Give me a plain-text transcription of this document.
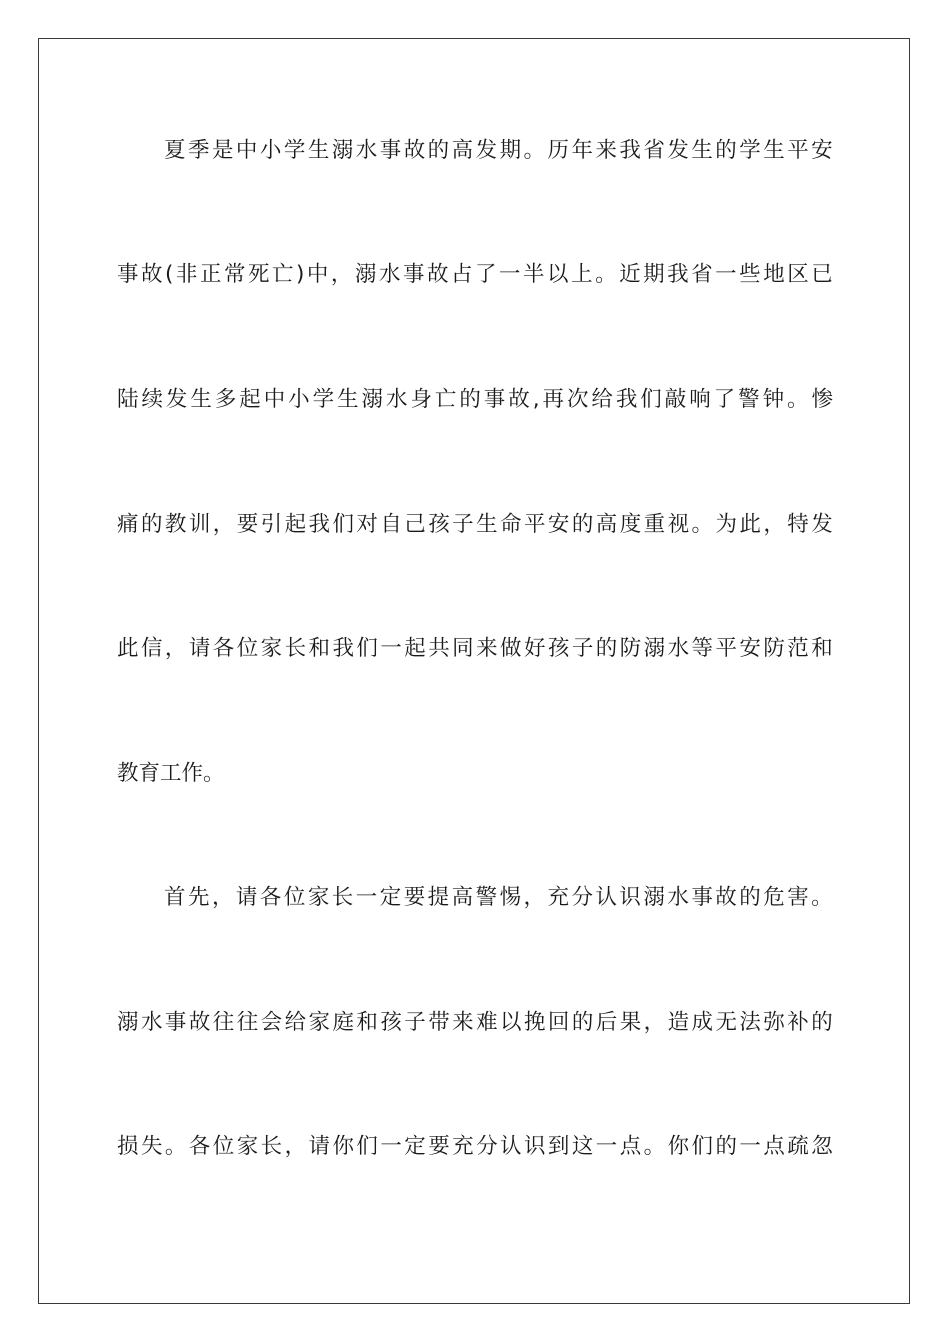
夏 季 是 中 小 学 生 溺 水 事 故 的 高 发 期 。 历 年 来 我 省 发 生 的 学 生 平 安
事 故 ( 非 正 常 死 亡 ) 中 ， 溺 水 事 故 占 了 一 半 以 上 。 近 期 我 省 一 些 地 区 已
陆 续 发 生 多 起 中 小 学 生 溺 水 身 亡 的 事 故 , 再 次 给 我 们 敲 响 了 警 钟 。 惨
痛 的 教 训 ， 要 引 起 我 们 对 自 己 孩 子 生 命 平 安 的 高 度 重 视 。 为 此 ， 特 发
此 信 ， 请 各 位 家 长 和 我 们 一 起 共 同 来 做 好 孩 子 的 防 溺 水 等 平 安 防 范 和
教育工作。
首 先 ， 请 各 位 家 长 一 定 要 提 高 警 惕 ， 充 分 认 识 溺 水 事 故 的 危 害 。
溺 水 事 故 往 往 会 给 家 庭 和 孩 子 带 来 难 以 挽 回 的 后 果 ， 造 成 无 法 弥 补 的
损 失 。 各 位 家 长 ， 请 你 们 一 定 要 充 分 认 识 到 这 一 点 。 你 们 的 一 点 疏 忽
